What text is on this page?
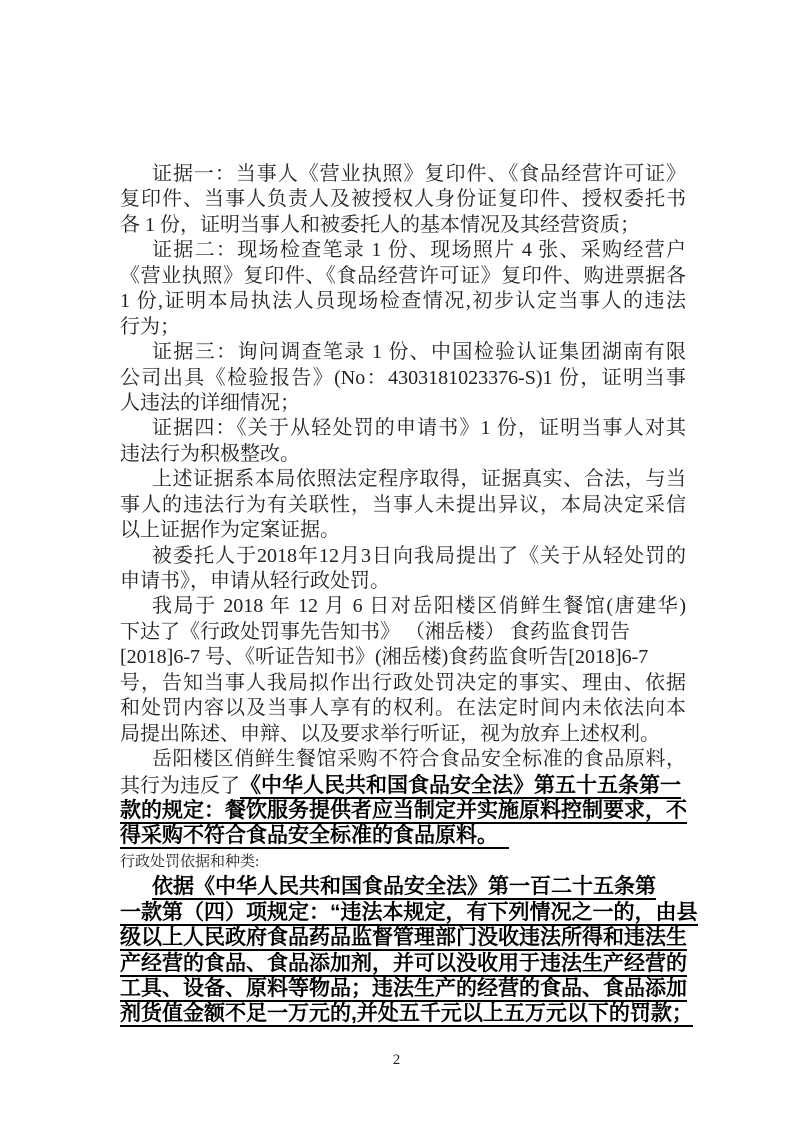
证据一：当事人《营业执照》复印件、《食品经营许可证》
复印件、当事人负责人及被授权人身份证复印件、授权委托书
各 1 份，证明当事人和被委托人的基本情况及其经营资质；
证据二：现场检查笔录 1 份、现场照片 4 张、采购经营户
《营业执照》复印件、《食品经营许可证》复印件、购进票据各
1 份,证明本局执法人员现场检查情况,初步认定当事人的违法
行为；
证据三：询问调查笔录 1 份、中国检验认证集团湖南有限
公司出具《检验报告》(No：4303181023376-S)1 份，证明当事
人违法的详细情况；
证据四：《关于从轻处罚的申请书》1 份，证明当事人对其
违法行为积极整改。
上述证据系本局依照法定程序取得，证据真实、合法，与当
事人的违法行为有关联性，当事人未提出异议，本局决定采信
以上证据作为定案证据。
被委托人于2018年12月3日向我局提出了《关于从轻处罚的
申请书》，申请从轻行政处罚。
我局于 2018 年 12 月 6 日对岳阳楼区俏鲜生餐馆(唐建华)
下达了《行政处罚事先告知书》 （湘岳楼） 食药监食罚告
[2018]6-7 号、《听证告知书》(湘岳楼)食药监食听告[2018]6-7
号，告知当事人我局拟作出行政处罚决定的事实、理由、依据
和处罚内容以及当事人享有的权利。在法定时间内未依法向本
局提出陈述、申辩、以及要求举行听证，视为放弃上述权利。
岳阳楼区俏鲜生餐馆采购不符合食品安全标准的食品原料，
其行为违反了《中华人民共和国食品安全法》第五十五条第一
款的规定：餐饮服务提供者应当制定并实施原料控制要求，不
得采购不符合食品安全标准的食品原料。　
行政处罚依据和种类:
依据《中华人民共和国食品安全法》第一百二十五条第
一款第（四）项规定：“违法本规定，有下列情况之一的，由县
级以上人民政府食品药品监督管理部门没收违法所得和违法生
产经营的食品、食品添加剂，并可以没收用于违法生产经营的
工具、设备、原料等物品；违法生产的经营的食品、食品添加
剂货值金额不足一万元的,并处五千元以上五万元以下的罚款；
2
